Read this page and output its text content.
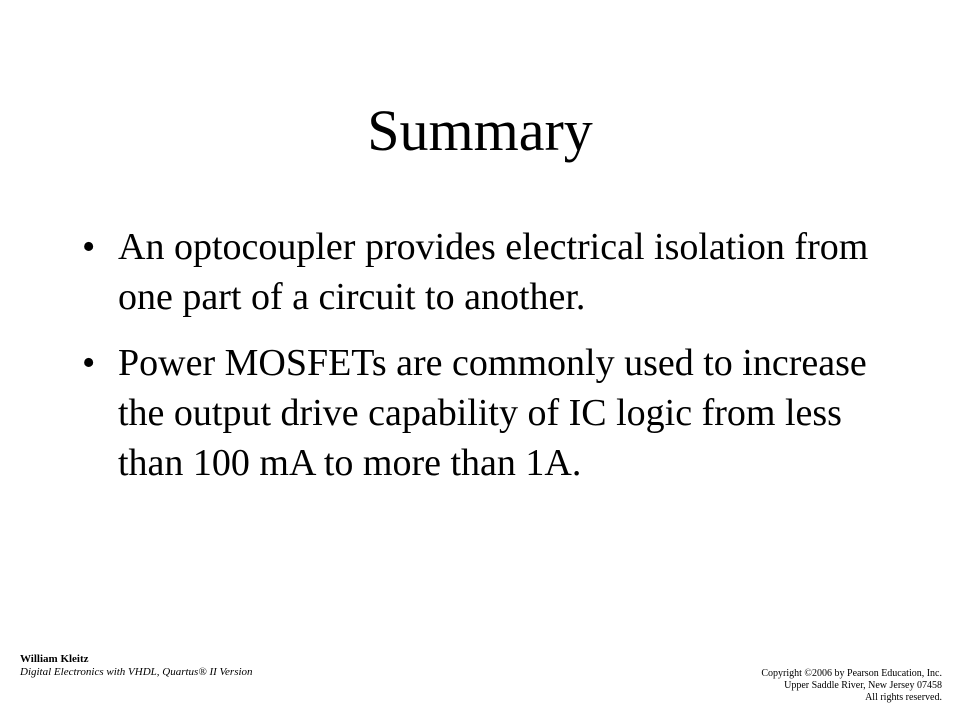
Summary
• An optocoupler provides electrical isolation from one part of a circuit to another.
• Power MOSFETs are commonly used to increase the output drive capability of IC logic from less than 100 mA to more than 1A.
William Kleitz
Digital Electronics with VHDL, Quartus® II Version	Copyright ©2006 by Pearson Education, Inc.
Upper Saddle River, New Jersey 07458
All rights reserved.
